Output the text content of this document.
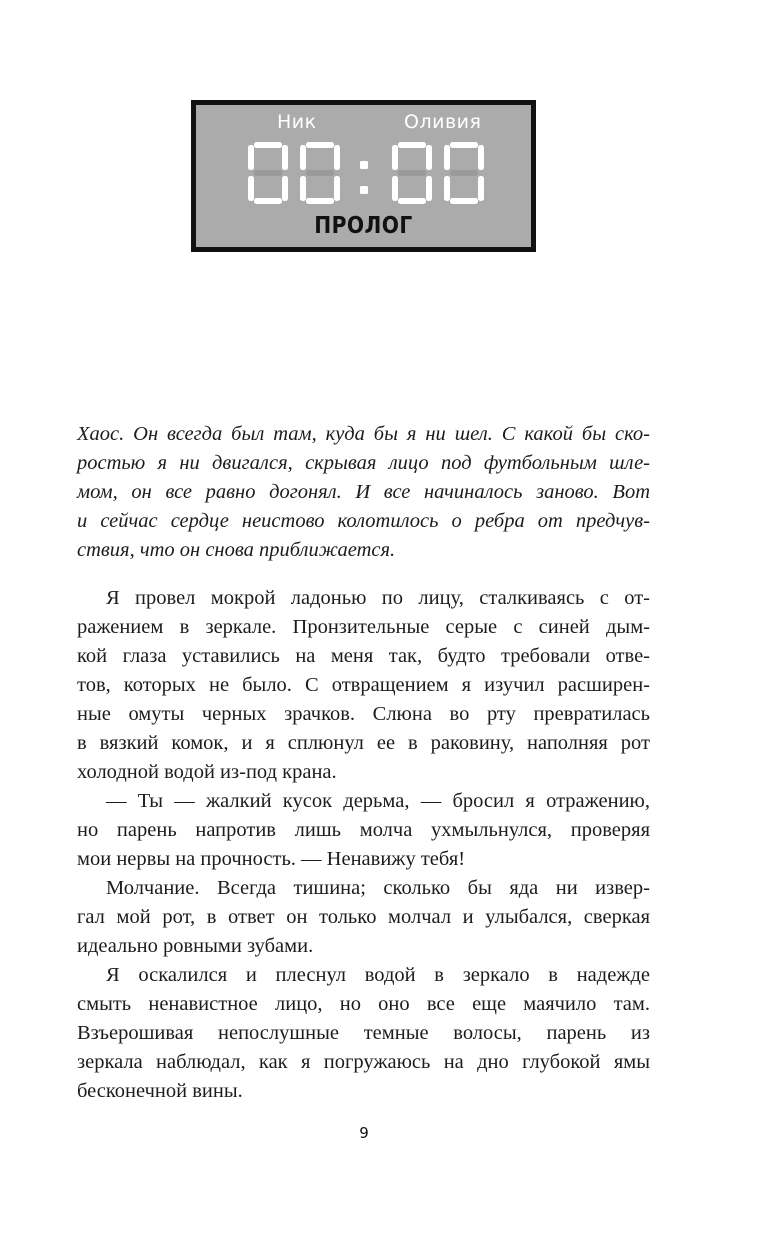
Ник	Оливия
ПРОЛОГ
Хаос. Он всегда был там, куда бы я ни шел. С какой бы ско-
ростью я ни двигался, скрывая лицо под футбольным шле-
мом, он все равно догонял. И все начиналось заново. Вот
и сейчас сердце неистово колотилось о ребра от предчув-
ствия, что он снова приближается.
Я провел мокрой ладонью по лицу, сталкиваясь с от-
ражением в зеркале. Пронзительные серые с синей дым-
кой глаза уставились на меня так, будто требовали отве-
тов, которых не было. С отвращением я изучил расширен-
ные омуты черных зрачков. Слюна во рту превратилась
в вязкий комок, и я сплюнул ее в раковину, наполняя рот
холодной водой из-под крана.
— Ты — жалкий кусок дерьма, — бросил я отражению,
но парень напротив лишь молча ухмыльнулся, проверяя
мои нервы на прочность. — Ненавижу тебя!
Молчание. Всегда тишина; сколько бы яда ни извер-
гал мой рот, в ответ он только молчал и улыбался, сверкая
идеально ровными зубами.
Я оскалился и плеснул водой в зеркало в надежде
смыть ненавистное лицо, но оно все еще маячило там.
Взъерошивая непослушные темные волосы, парень из
зеркала наблюдал, как я погружаюсь на дно глубокой ямы
бесконечной вины.
9
